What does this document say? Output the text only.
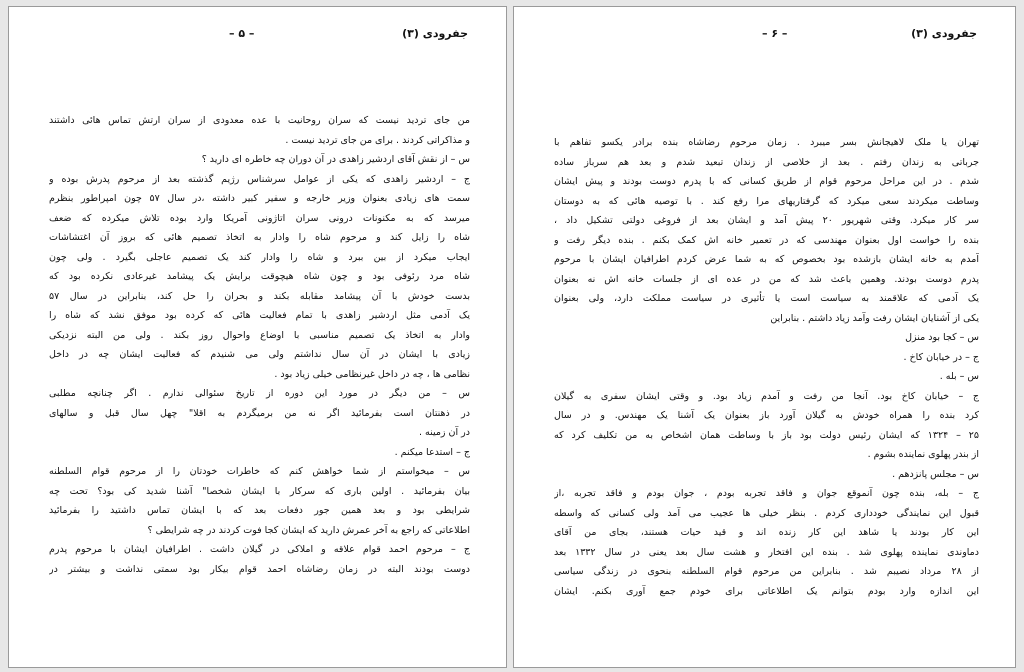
جفرودی (۳)
– ۵ –
من جای تردید نیست که سران روحانیت با عده معدودی از سران ارتش تماس هائی داشتند
و مذاکراتی کردند . برای من جای تردید نیست .
س – از نقش آقای اردشیر زاهدی در آن دوران چه خاطره ای دارید ؟
ج – اردشیر زاهدی که یکی از عوامل سرشناس رژیم گذشته بعد از مرحوم پدرش بوده و
سمت های زیادی بعنوان وزیر خارجه و سفیر کبیر داشته ،در سال ۵۷ چون امپراطور بنظرم
میرسد که به مکنونات درونی سران اتاژونی آمریکا وارد بوده تلاش میکرده که ضعف
شاه را زایل کند و مرحوم شاه را وادار به اتخاذ تصمیم هائی که بروز آن اغتشاشات
ایجاب میکرد از بین ببرد و شاه را وادار کند یک تصمیم عاجلی بگیرد . ولی چون
شاه مرد رئوفی بود و چون شاه هیچوقت برایش یک پیشامد غیرعادی نکرده بود که
بدست خودش با آن پیشامد مقابله بکند و بحران را حل کند، بنابراین در سال ۵۷
یک آدمی مثل اردشیر زاهدی با تمام فعالیت هائی که کرده بود موفق نشد که شاه را
وادار به اتخاذ یک تصمیم مناسبی با اوضاع واحوال روز بکند . ولی من البته نزدیکی
زیادی با ایشان در آن سال نداشتم ولی می شنیدم که فعالیت ایشان چه در داخل
نظامی ها ، چه در داخل غیرنظامی خیلی زیاد بود .
س – من دیگر در مورد این دوره از تاریخ سئوالی ندارم . اگر چنانچه مطلبی
در ذهنتان است بفرمائید اگر نه من برمیگردم به اقلا" چهل سال قبل و سالهای
در آن زمینه .
ج – استدعا میکنم .
س – میخواستم از شما خواهش کنم که خاطرات خودتان را از مرحوم قوام السلطنه
بیان بفرمائید . اولین باری که سرکار با ایشان شخصا" آشنا شدید کی بود؟ تحت چه
شرایطی بود و بعد همین جور دفعات بعد که با ایشان تماس داشتید را بفرمائید
اطلاعاتی که راجع به آخر عمرش دارید که ایشان کجا فوت کردند در چه شرایطی ؟
ج – مرحوم احمد قوام علاقه و املاکی در گیلان داشت . اطرافیان ایشان با مرحوم پدرم
دوست بودند البته در زمان رضاشاه احمد قوام بیکار بود سمتی نداشت و بیشتر در
جفرودی (۳)
– ۶ –
تهران یا ملک لاهیجانش بسر میبرد . زمان مرحوم رضاشاه بنده برادر یکسو تفاهم با
جرباتی به زندان رفتم . بعد از خلاصی از زندان تبعید شدم و بعد هم سرباز ساده
شدم . در این مراحل مرحوم قوام از طریق کسانی که با پدرم دوست بودند و پیش ایشان
وساطت میکردند سعی میکرد که گرفتاریهای مرا رفع کند . با توصیه هائی که به دوستان
سر کار میکرد. وقتی شهریور ۲۰ پیش آمد و ایشان بعد از فروغی دولتی تشکیل داد ،
بنده را خواست اول بعنوان مهندسی که در تعمیر خانه اش کمک بکنم . بنده دیگر رفت و
آمدم به خانه ایشان بازشده بود بخصوص که به شما عرض کردم اطرافیان ایشان با مرحوم
پدرم دوست بودند. وهمین باعث شد که من در عده ای از جلسات خانه اش نه بعنوان
یک آدمی که علاقمند به سیاست است یا تأثیری در سیاست مملکت دارد، ولی بعنوان
یکی از آشنایان ایشان رفت وآمد زیاد داشتم . بنابراین
س – کجا بود منزل
ج – در خیابان کاخ .
س – بله .
ج – خیابان کاخ بود. آنجا من رفت و آمدم زیاد بود. و وقتی ایشان سفری به گیلان
کرد بنده را همراه خودش به گیلان آورد باز بعنوان یک آشنا یک مهندس. و در سال
۲۵ – ۱۳۲۴ که ایشان رئیس دولت بود باز با وساطت همان اشخاص به من تکلیف کرد که
از بندر پهلوی نماینده بشوم .
س – مجلس پانزدهم .
ج – بله، بنده چون آنموقع جوان و فاقد تجربه بودم ، جوان بودم و فاقد تجربه ،از
قبول این نمایندگی خودداری کردم . بنظر خیلی ها عجیب می آمد ولی کسانی که واسطه
این کار بودند یا شاهد این کار زنده اند و قید حیات هستند، بجای من آقای
دماوندی نماینده پهلوی شد . بنده این افتخار و هشت سال بعد یعنی در سال ۱۳۳۲ بعد
از ۲۸ مرداد نصیبم شد . بنابراین من مرحوم قوام السلطنه بنحوی در زندگی سیاسی
این اندازه وارد بودم بتوانم یک اطلاعاتی برای خودم جمع آوری بکنم. ایشان
